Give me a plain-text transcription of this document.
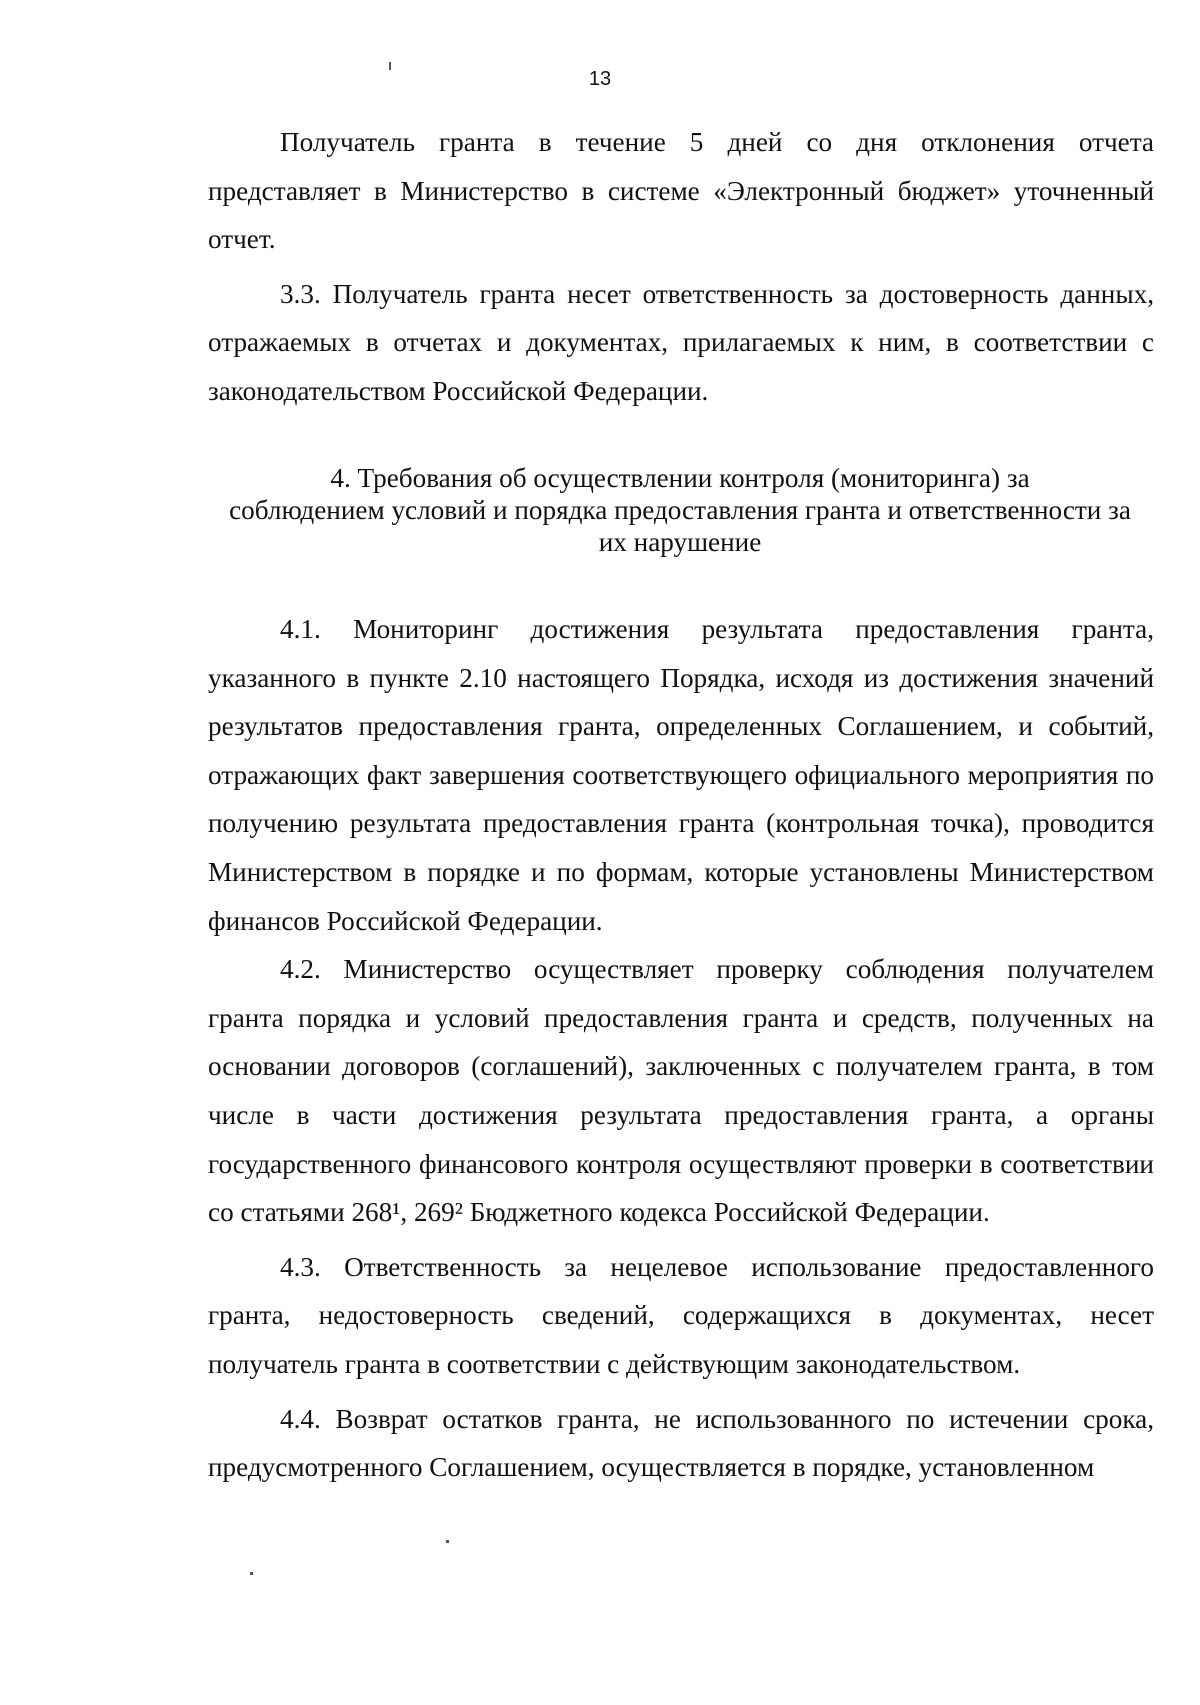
13

Получатель гранта в течение 5 дней со дня отклонения отчета представляет в Министерство в системе «Электронный бюджет» уточненный отчет.

3.3. Получатель гранта несет ответственность за достоверность данных, отражаемых в отчетах и документах, прилагаемых к ним, в соответствии с законодательством Российской Федерации.

4. Требования об осуществлении контроля (мониторинга) за
соблюдением условий и порядка предоставления гранта и ответственности за
их нарушение

4.1. Мониторинг достижения результата предоставления гранта, указанного в пункте 2.10 настоящего Порядка, исходя из достижения значений результатов предоставления гранта, определенных Соглашением, и событий, отражающих факт завершения соответствующего официального мероприятия по получению результата предоставления гранта (контрольная точка), проводится Министерством в порядке и по формам, которые установлены Министерством финансов Российской Федерации.

4.2. Министерство осуществляет проверку соблюдения получателем гранта порядка и условий предоставления гранта и средств, полученных на основании договоров (соглашений), заключенных с получателем гранта, в том числе в части достижения результата предоставления гранта, а органы государственного финансового контроля осуществляют проверки в соответствии со статьями 268¹, 269² Бюджетного кодекса Российской Федерации.

4.3. Ответственность за нецелевое использование предоставленного гранта, недостоверность сведений, содержащихся в документах, несет получатель гранта в соответствии с действующим законодательством.

4.4. Возврат остатков гранта, не использованного по истечении срока, предусмотренного Соглашением, осуществляется в порядке, установленном
